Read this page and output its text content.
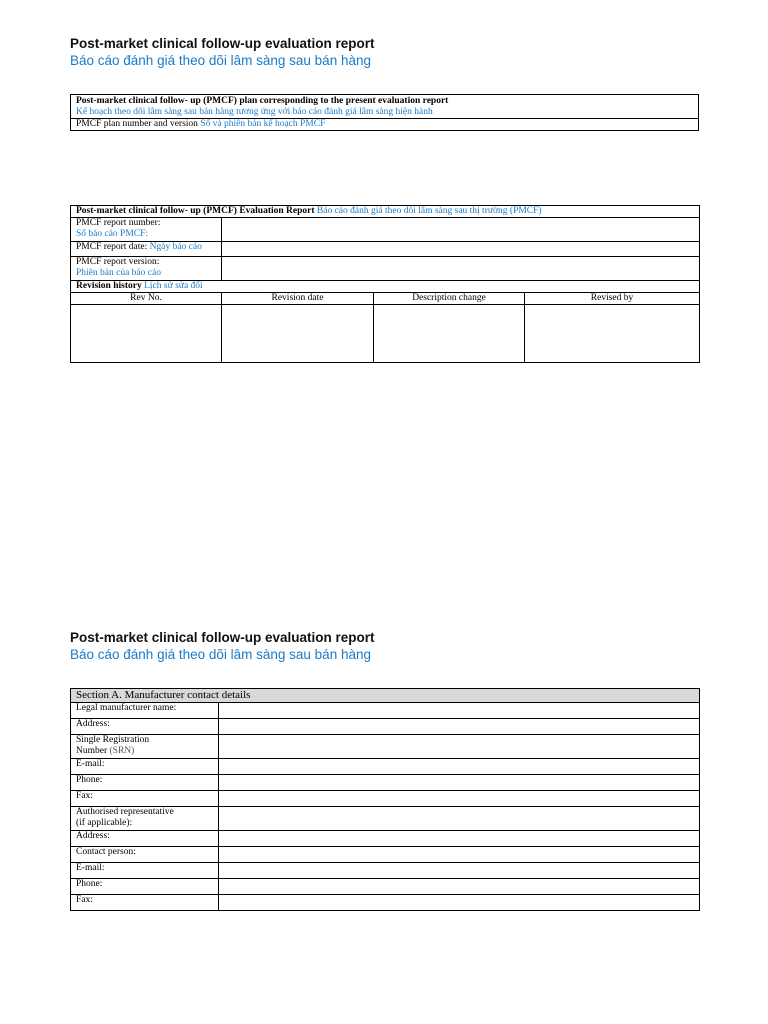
Post-market clinical follow-up evaluation report
Báo cáo đánh giá theo dõi lâm sàng sau bán hàng
Post-market clinical follow- up (PMCF) plan corresponding to the present evaluation report
Kế hoạch theo dõi lâm sàng sau bán hàng tương ứng với báo cáo đánh giá lâm sàng hiện hành

PMCF plan number and version Số và phiên bản kế hoạch PMCF
Post-market clinical follow- up (PMCF) Evaluation Report Báo cáo đánh giá theo dõi lâm sàng sau thị trường (PMCF)			

PMCF report number:
Số báo cáo PMCF:			

PMCF report date: Ngày báo cáo			

PMCF report version:
Phiên bản của báo cáo			

Revision history Lịch sử sửa đổi			
Rev No.	Revision date	Description change	Revised by

Post-market clinical follow-up evaluation report
Báo cáo đánh giá theo dõi lâm sàng sau bán hàng
Section A. Manufacturer contact details	
Legal manufacturer name:	
Address:	

Single Registration
Number (SRN)	

E-mail:	
Phone:	
Fax:	

Authorised representative
(if applicable):	

Address:	
Contact person:	
E-mail:	
Phone:	
Fax:	
